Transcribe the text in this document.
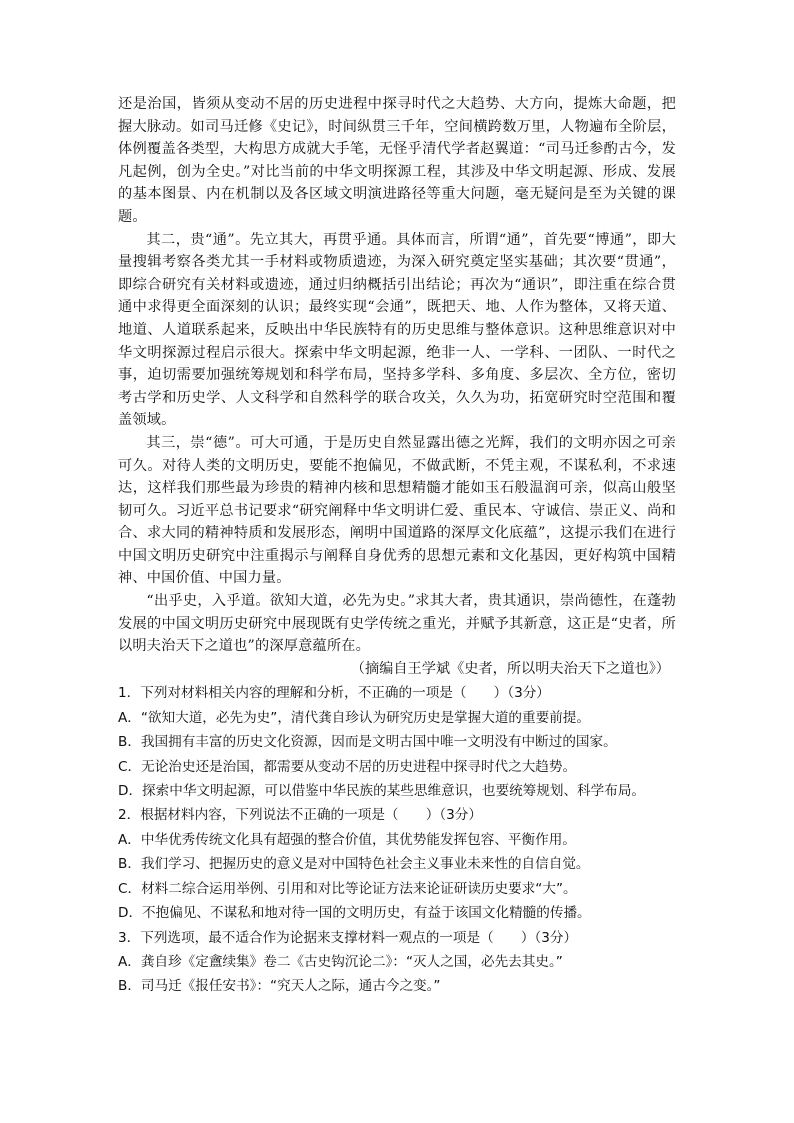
还是治国，皆须从变动不居的历史进程中探寻时代之大趋势、大方向，提炼大命题，把握大脉动。如司马迁修《史记》，时间纵贯三千年，空间横跨数万里，人物遍布全阶层，体例覆盖各类型，大构思方成就大手笔，无怪乎清代学者赵翼道：“司马迁参酌古今，发凡起例，创为全史。”对比当前的中华文明探源工程，其涉及中华文明起源、形成、发展的基本图景、内在机制以及各区域文明演进路径等重大问题，毫无疑问是至为关键的课题。

其二，贵“通”。先立其大，再贯乎通。具体而言，所谓“通”，首先要“博通”，即大量搜辑考察各类尤其一手材料或物质遗迹，为深入研究奠定坚实基础；其次要“贯通”，即综合研究有关材料或遗迹，通过归纳概括引出结论；再次为“通识”，即注重在综合贯通中求得更全面深刻的认识；最终实现“会通”，既把天、地、人作为整体，又将天道、地道、人道联系起来，反映出中华民族特有的历史思维与整体意识。这种思维意识对中华文明探源过程启示很大。探索中华文明起源，绝非一人、一学科、一团队、一时代之事，迫切需要加强统筹规划和科学布局，坚持多学科、多角度、多层次、全方位，密切考古学和历史学、人文科学和自然科学的联合攻关，久久为功，拓宽研究时空范围和覆盖领域。

其三，崇“德”。可大可通，于是历史自然显露出德之光辉，我们的文明亦因之可亲可久。对待人类的文明历史，要能不抱偏见，不做武断，不凭主观，不谋私利，不求速达，这样我们那些最为珍贵的精神内核和思想精髓才能如玉石般温润可亲，似高山般坚韧可久。习近平总书记要求“研究阐释中华文明讲仁爱、重民本、守诚信、崇正义、尚和合、求大同的精神特质和发展形态，阐明中国道路的深厚文化底蕴”，这提示我们在进行中国文明历史研究中注重揭示与阐释自身优秀的思想元素和文化基因，更好构筑中国精神、中国价值、中国力量。

“出乎史，入乎道。欲知大道，必先为史。”求其大者，贵其通识，崇尚德性，在蓬勃发展的中国文明历史研究中展现既有史学传统之重光，并赋予其新意，这正是“史者，所以明夫治天下之道也”的深厚意蕴所在。

（摘编自王学斌《史者，所以明夫治天下之道也》）
1．下列对材料相关内容的理解和分析，不正确的一项是（　　）（3分）
A．“欲知大道，必先为史”，清代龚自珍认为研究历史是掌握大道的重要前提。
B．我国拥有丰富的历史文化资源，因而是文明古国中唯一文明没有中断过的国家。
C．无论治史还是治国，都需要从变动不居的历史进程中探寻时代之大趋势。
D．探索中华文明起源，可以借鉴中华民族的某些思维意识，也要统筹规划、科学布局。
2．根据材料内容，下列说法不正确的一项是（　　）（3分）
A．中华优秀传统文化具有超强的整合价值，其优势能发挥包容、平衡作用。
B．我们学习、把握历史的意义是对中国特色社会主义事业未来性的自信自觉。
C．材料二综合运用举例、引用和对比等论证方法来论证研读历史要求“大”。
D．不抱偏见、不谋私和地对待一国的文明历史，有益于该国文化精髓的传播。
3．下列选项，最不适合作为论据来支撑材料一观点的一项是（　　）（3分）
A．龚自珍《定盦续集》卷二《古史钩沉论二》：“灭人之国，必先去其史。”
B．司马迁《报任安书》：“究天人之际，通古今之变。”
